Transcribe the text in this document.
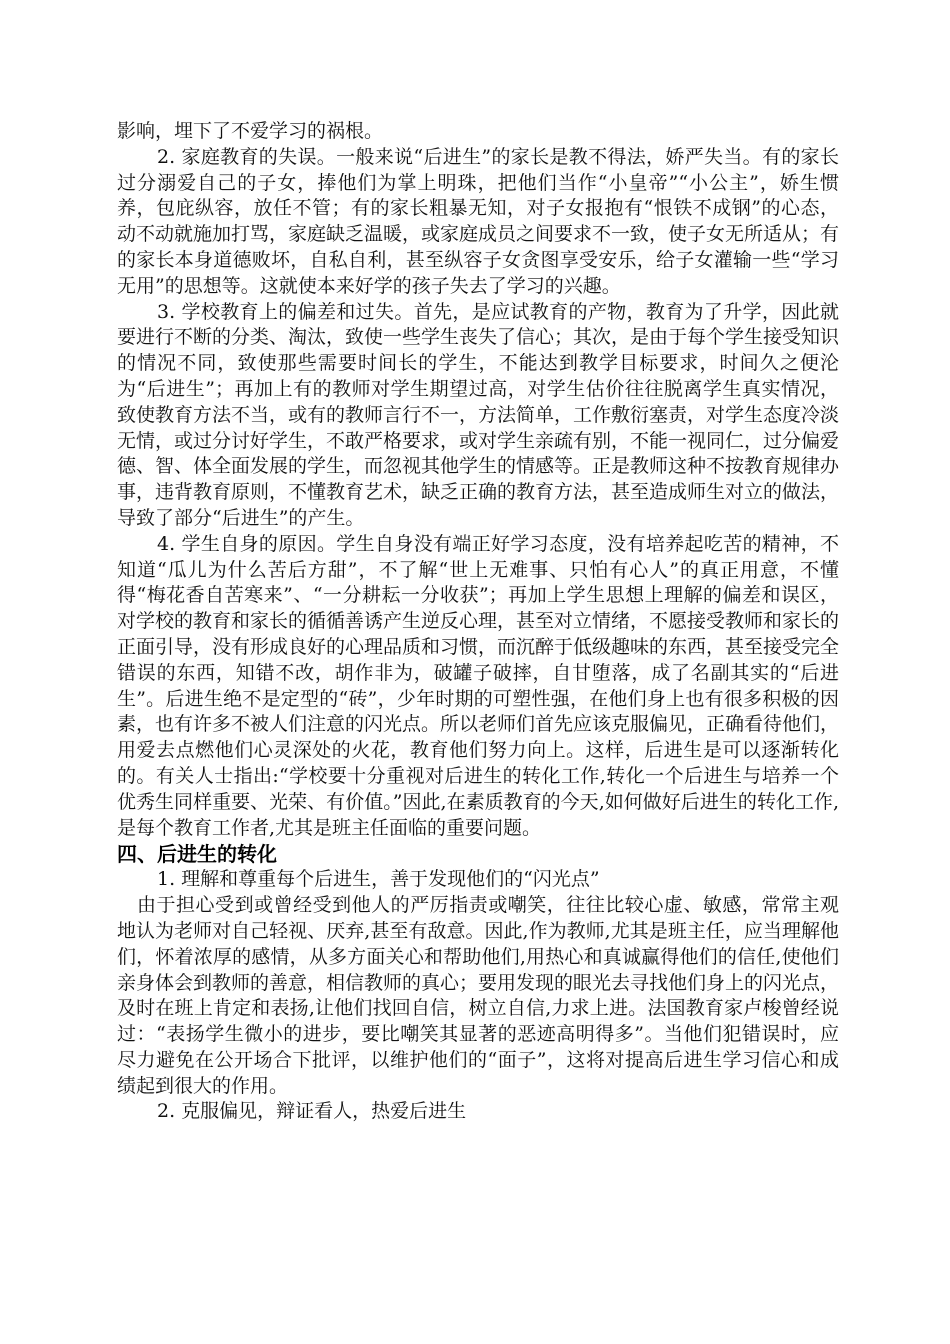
影响，埋下了不爱学习的祸根。

2. 家庭教育的失误。一般来说“后进生”的家长是教不得法，娇严失当。有的家长过分溺爱自己的子女，捧他们为掌上明珠，把他们当作“小皇帝”“小公主”，娇生惯养，包庇纵容，放任不管；有的家长粗暴无知，对子女报抱有“恨铁不成钢”的心态，动不动就施加打骂，家庭缺乏温暖，或家庭成员之间要求不一致，使子女无所适从；有的家长本身道德败坏，自私自利，甚至纵容子女贪图享受安乐，给子女灌输一些“学习无用”的思想等。这就使本来好学的孩子失去了学习的兴趣。

3. 学校教育上的偏差和过失。首先，是应试教育的产物，教育为了升学，因此就要进行不断的分类、淘汰，致使一些学生丧失了信心；其次，是由于每个学生接受知识的情况不同，致使那些需要时间长的学生，不能达到教学目标要求，时间久之便沦为“后进生”；再加上有的教师对学生期望过高，对学生估价往往脱离学生真实情况，致使教育方法不当，或有的教师言行不一，方法简单，工作敷衍塞责，对学生态度冷淡无情，或过分讨好学生，不敢严格要求，或对学生亲疏有别，不能一视同仁，过分偏爱德、智、体全面发展的学生，而忽视其他学生的情感等。正是教师这种不按教育规律办事，违背教育原则，不懂教育艺术，缺乏正确的教育方法，甚至造成师生对立的做法，导致了部分“后进生”的产生。

4. 学生自身的原因。学生自身没有端正好学习态度，没有培养起吃苦的精神，不知道“瓜儿为什么苦后方甜”，不了解“世上无难事、只怕有心人”的真正用意，不懂得“梅花香自苦寒来”、“一分耕耘一分收获”；再加上学生思想上理解的偏差和误区，对学校的教育和家长的循循善诱产生逆反心理，甚至对立情绪，不愿接受教师和家长的正面引导，没有形成良好的心理品质和习惯，而沉醉于低级趣味的东西，甚至接受完全错误的东西，知错不改，胡作非为，破罐子破摔，自甘堕落，成了名副其实的“后进生”。后进生绝不是定型的“砖”，少年时期的可塑性强，在他们身上也有很多积极的因素，也有许多不被人们注意的闪光点。所以老师们首先应该克服偏见，正确看待他们，用爱去点燃他们心灵深处的火花，教育他们努力向上。这样，后进生是可以逐渐转化的。有关人士指出:“学校要十分重视对后进生的转化工作,转化一个后进生与培养一个优秀生同样重要、光荣、有价值。”因此,在素质教育的今天,如何做好后进生的转化工作,是每个教育工作者,尤其是班主任面临的重要问题。

四、后进生的转化

1. 理解和尊重每个后进生，善于发现他们的“闪光点”

由于担心受到或曾经受到他人的严厉指责或嘲笑，往往比较心虚、敏感，常常主观地认为老师对自己轻视、厌弃,甚至有敌意。因此,作为教师,尤其是班主任，应当理解他们，怀着浓厚的感情，从多方面关心和帮助他们,用热心和真诚赢得他们的信任,使他们亲身体会到教师的善意，相信教师的真心；要用发现的眼光去寻找他们身上的闪光点，及时在班上肯定和表扬,让他们找回自信，树立自信,力求上进。法国教育家卢梭曾经说过：“表扬学生微小的进步，要比嘲笑其显著的恶迹高明得多”。当他们犯错误时，应尽力避免在公开场合下批评，以维护他们的“面子”，这将对提高后进生学习信心和成绩起到很大的作用。

2. 克服偏见，辩证看人，热爱后进生
